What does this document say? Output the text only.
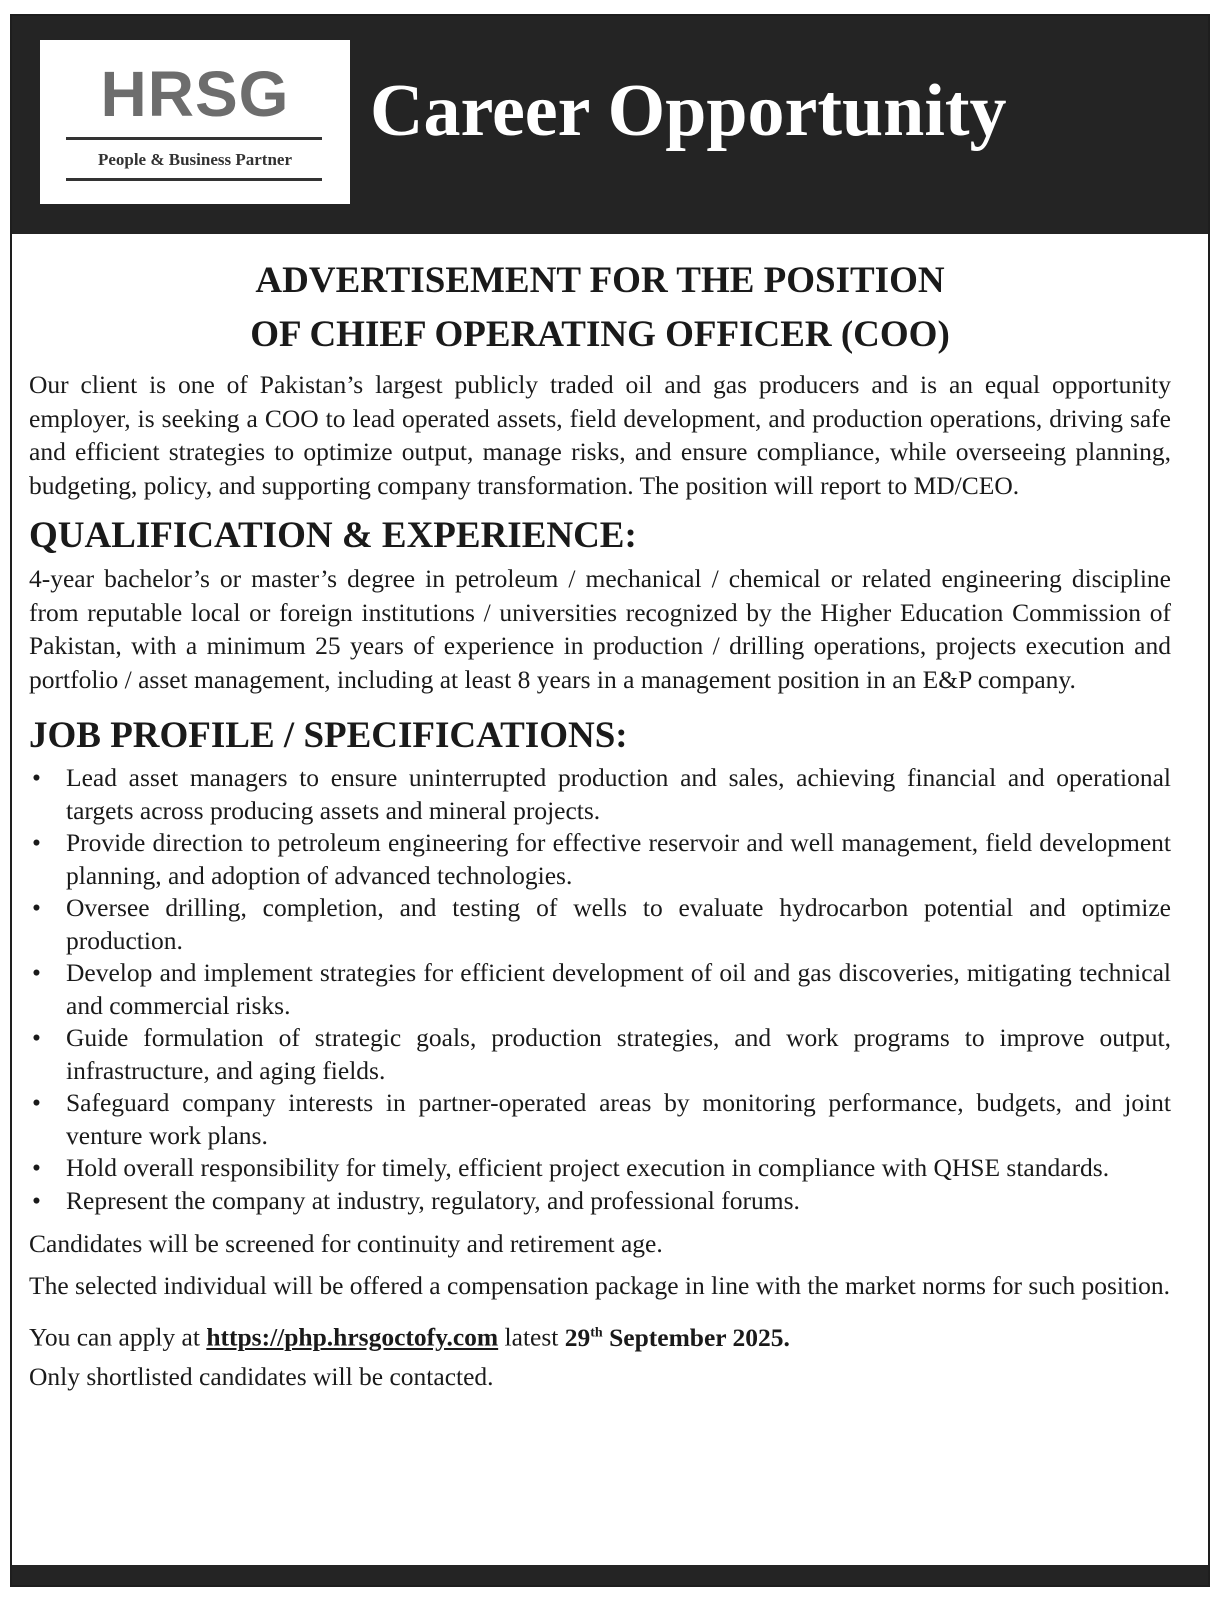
HRSG
People & Business Partner
Career Opportunity
ADVERTISEMENT FOR THE POSITION
OF CHIEF OPERATING OFFICER (COO)

Our client is one of Pakistan’s largest publicly traded oil and gas producers and is an equal opportunity employer, is seeking a COO to lead operated assets, field development, and production operations, driving safe and efficient strategies to optimize output, manage risks, and ensure compliance, while overseeing planning, budgeting, policy, and supporting company transformation. The position will report to MD/CEO.

QUALIFICATION & EXPERIENCE:

4-year bachelor’s or master’s degree in petroleum / mechanical / chemical or related engineering discipline from reputable local or foreign institutions / universities recognized by the Higher Education Commission of Pakistan, with a minimum 25 years of experience in production / drilling operations, projects execution and portfolio / asset management, including at least 8 years in a management position in an E&P company.

JOB PROFILE / SPECIFICATIONS:
• Lead asset managers to ensure uninterrupted production and sales, achieving financial and operational targets across producing assets and mineral projects.
• Provide direction to petroleum engineering for effective reservoir and well management, field development planning, and adoption of advanced technologies.
• Oversee drilling, completion, and testing of wells to evaluate hydrocarbon potential and optimize production.
• Develop and implement strategies for efficient development of oil and gas discoveries, mitigating technical and commercial risks.
• Guide formulation of strategic goals, production strategies, and work programs to improve output, infrastructure, and aging fields.
• Safeguard company interests in partner-operated areas by monitoring performance, budgets, and joint venture work plans.
• Hold overall responsibility for timely, efficient project execution in compliance with QHSE standards.
• Represent the company at industry, regulatory, and professional forums.

Candidates will be screened for continuity and retirement age.

The selected individual will be offered a compensation package in line with the market norms for such position.

You can apply at https://php.hrsgoctofy.com latest 29th September 2025.

Only shortlisted candidates will be contacted.
